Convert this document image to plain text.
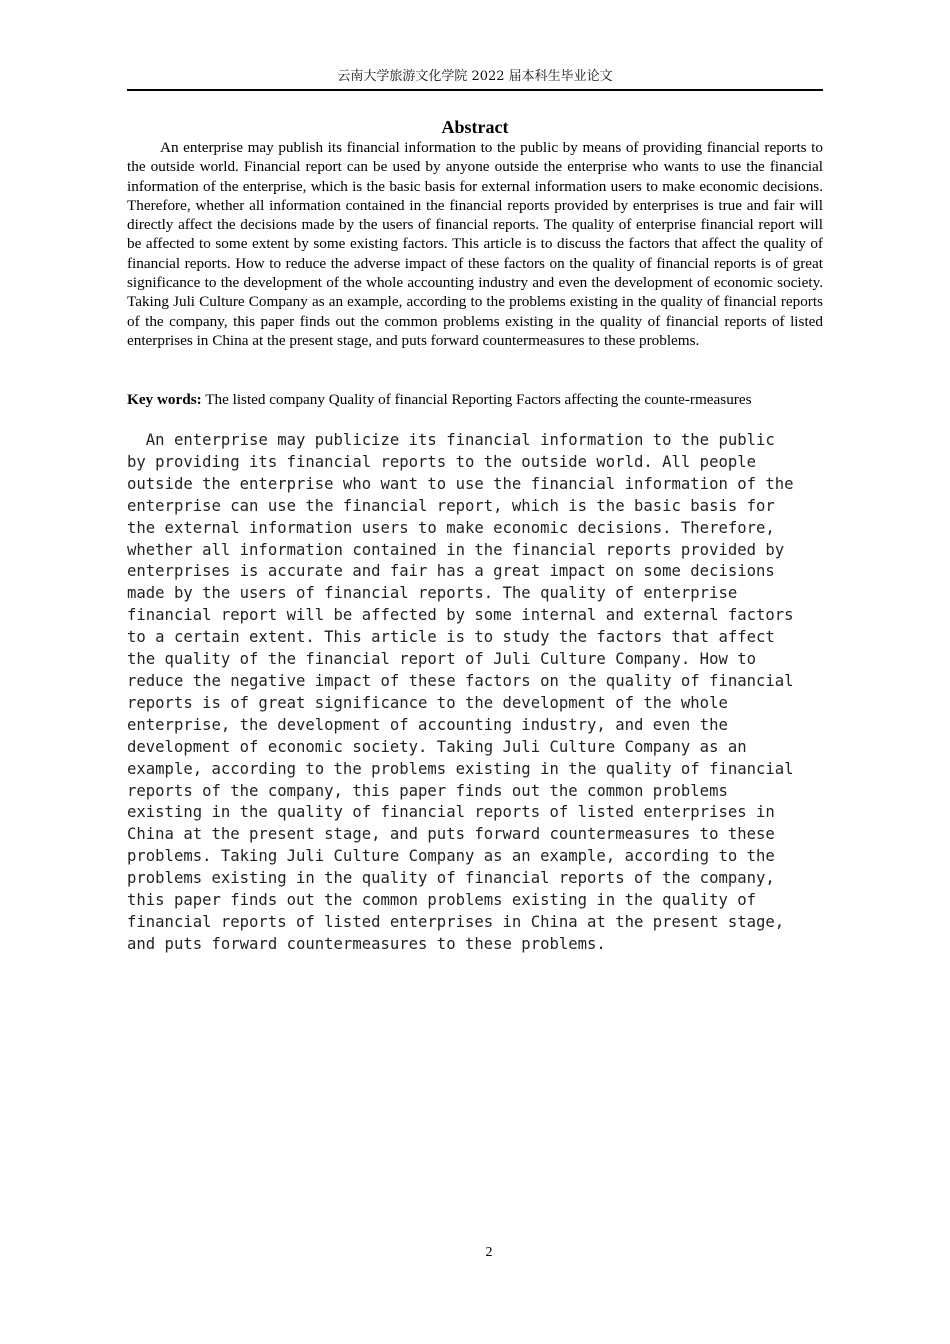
云南大学旅游文化学院 2022 届本科生毕业论文
Abstract

An enterprise may publish its financial information to the public by means of providing financial reports to the outside world. Financial report can be used by anyone outside the enterprise who wants to use the financial information of the enterprise, which is the basic basis for external information users to make economic decisions. Therefore, whether all information contained in the financial reports provided by enterprises is true and fair will directly affect the decisions made by the users of financial reports. The quality of enterprise financial report will be affected to some extent by some existing factors. This article is to discuss the factors that affect the quality of financial reports. How to reduce the adverse impact of these factors on the quality of financial reports is of great significance to the development of the whole accounting industry and even the development of economic society. Taking Juli Culture Company as an example, according to the problems existing in the quality of financial reports of the company, this paper finds out the common problems existing in the quality of financial reports of listed enterprises in China at the present stage, and puts forward countermeasures to these problems.

Key words: The listed company Quality of financial Reporting Factors affecting the counte-rmeasures

An enterprise may publicize its financial information to the public
by providing its financial reports to the outside world. All people
outside the enterprise who want to use the financial information of the
enterprise can use the financial report, which is the basic basis for
the external information users to make economic decisions. Therefore,
whether all information contained in the financial reports provided by
enterprises is accurate and fair has a great impact on some decisions
made by the users of financial reports. The quality of enterprise
financial report will be affected by some internal and external factors
to a certain extent. This article is to study the factors that affect
the quality of the financial report of Juli Culture Company. How to
reduce the negative impact of these factors on the quality of financial
reports is of great significance to the development of the whole
enterprise, the development of accounting industry, and even the
development of economic society. Taking Juli Culture Company as an
example, according to the problems existing in the quality of financial
reports of the company, this paper finds out the common problems
existing in the quality of financial reports of listed enterprises in
China at the present stage, and puts forward countermeasures to these
problems. Taking Juli Culture Company as an example, according to the
problems existing in the quality of financial reports of the company,
this paper finds out the common problems existing in the quality of
financial reports of listed enterprises in China at the present stage,
and puts forward countermeasures to these problems.
2
